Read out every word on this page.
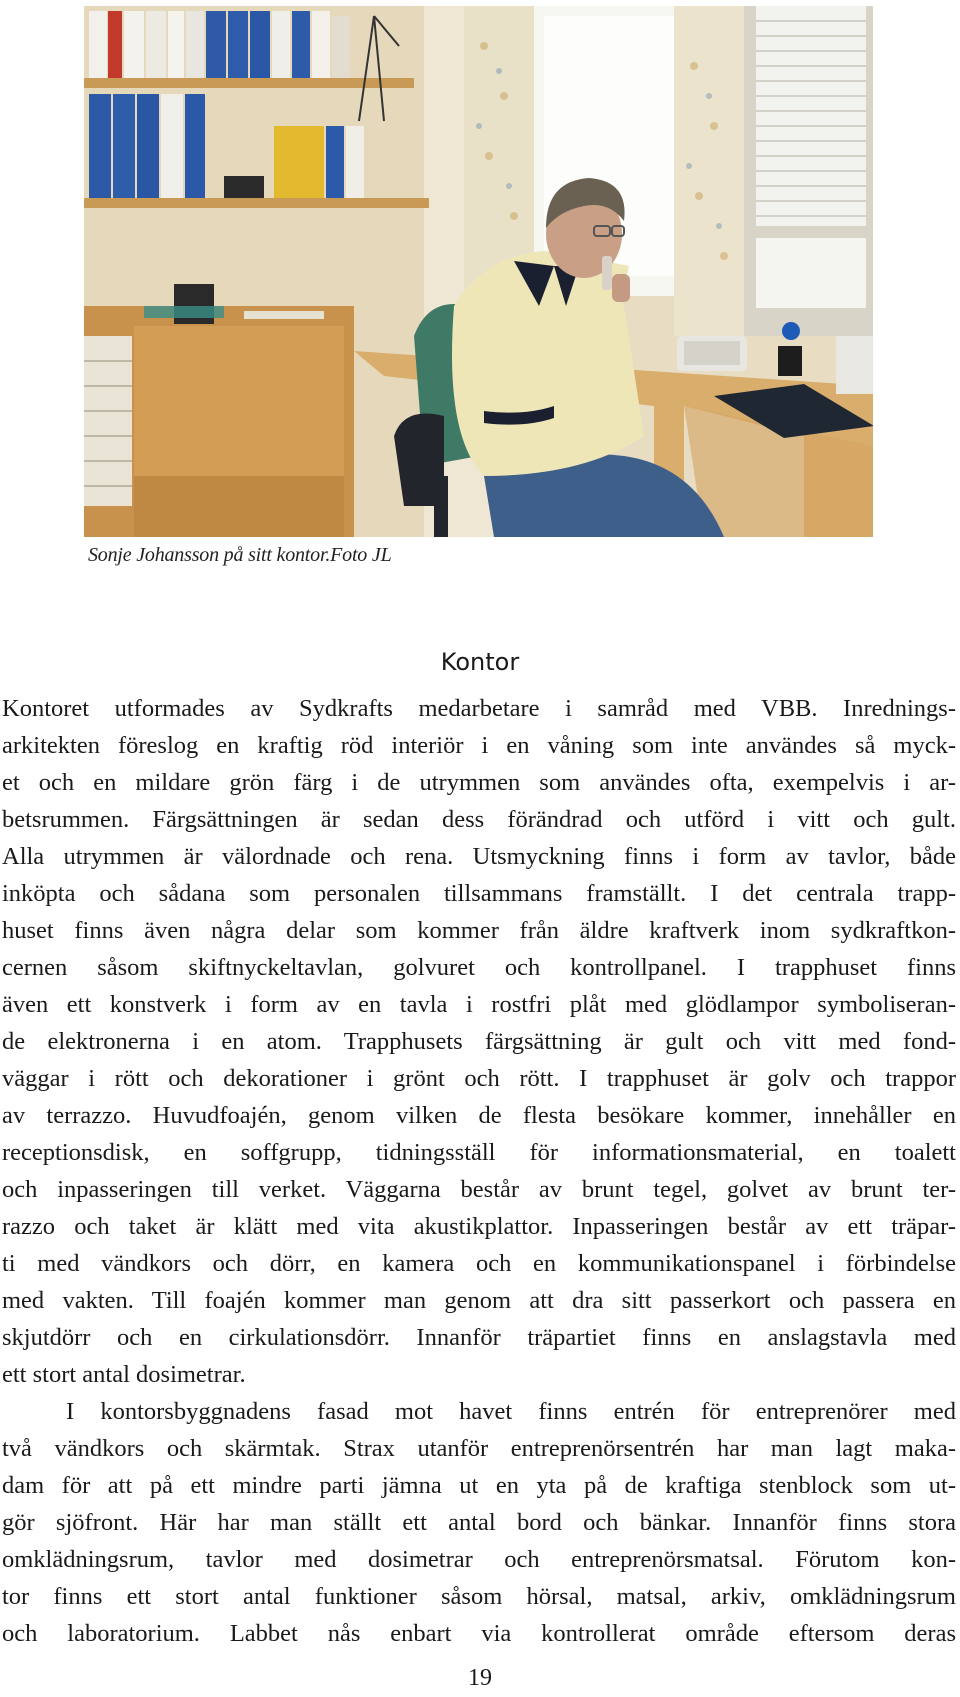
Sonje Johansson på sitt kontor.Foto JL
Kontor
Kontoret utformades av Sydkrafts medarbetare i samråd med VBB. Inrednings-
arkitekten föreslog en kraftig röd interiör i en våning som inte användes så myck-
et och en mildare grön färg i de utrymmen som användes ofta, exempelvis i ar-
betsrummen. Färgsättningen är sedan dess förändrad och utförd i vitt och gult.
Alla utrymmen är välordnade och rena. Utsmyckning finns i form av tavlor, både
inköpta och sådana som personalen tillsammans framställt. I det centrala trapp-
huset finns även några delar som kommer från äldre kraftverk inom sydkraftkon-
cernen såsom skiftnyckeltavlan, golvuret och kontrollpanel. I trapphuset finns
även ett konstverk i form av en tavla i rostfri plåt med glödlampor symboliseran-
de elektronerna i en atom. Trapphusets färgsättning är gult och vitt med fond-
väggar i rött och dekorationer i grönt och rött. I trapphuset är golv och trappor
av terrazzo. Huvudfoajén, genom vilken de flesta besökare kommer, innehåller en
receptionsdisk, en soffgrupp, tidningsställ för informationsmaterial, en toalett
och inpasseringen till verket. Väggarna består av brunt tegel, golvet av brunt ter-
razzo och taket är klätt med vita akustikplattor. Inpasseringen består av ett träpar-
ti med vändkors och dörr, en kamera och en kommunikationspanel i förbindelse
med vakten. Till foajén kommer man genom att dra sitt passerkort och passera en
skjutdörr och en cirkulationsdörr. Innanför träpartiet finns en anslagstavla med
ett stort antal dosimetrar.
I kontorsbyggnadens fasad mot havet finns entrén för entreprenörer med
två vändkors och skärmtak. Strax utanför entreprenörsentrén har man lagt maka-
dam för att på ett mindre parti jämna ut en yta på de kraftiga stenblock som ut-
gör sjöfront. Här har man ställt ett antal bord och bänkar. Innanför finns stora
omklädningsrum, tavlor med dosimetrar och entreprenörsmatsal. Förutom kon-
tor finns ett stort antal funktioner såsom hörsal, matsal, arkiv, omklädningsrum
och laboratorium. Labbet nås enbart via kontrollerat område eftersom deras
19
